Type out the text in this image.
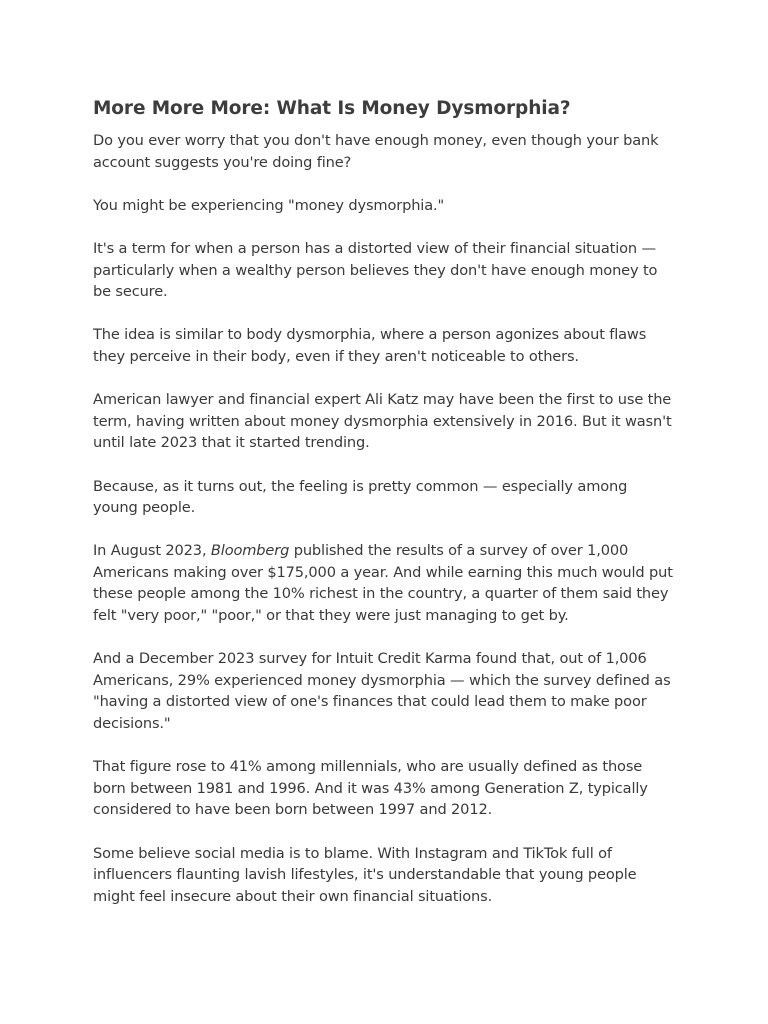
More More More: What Is Money Dysmorphia?

Do you ever worry that you don't have enough money, even though your bank account suggests you're doing fine?

You might be experiencing "money dysmorphia."

It's a term for when a person has a distorted view of their financial situation — particularly when a wealthy person believes they don't have enough money to be secure.

The idea is similar to body dysmorphia, where a person agonizes about flaws they perceive in their body, even if they aren't noticeable to others.

American lawyer and financial expert Ali Katz may have been the first to use the term, having written about money dysmorphia extensively in 2016. But it wasn't until late 2023 that it started trending.

Because, as it turns out, the feeling is pretty common — especially among young people.

In August 2023, Bloomberg published the results of a survey of over 1,000 Americans making over $175,000 a year. And while earning this much would put these people among the 10% richest in the country, a quarter of them said they felt "very poor," "poor," or that they were just managing to get by.

And a December 2023 survey for Intuit Credit Karma found that, out of 1,006 Americans, 29% experienced money dysmorphia — which the survey defined as "having a distorted view of one's finances that could lead them to make poor decisions."

That figure rose to 41% among millennials, who are usually defined as those born between 1981 and 1996. And it was 43% among Generation Z, typically considered to have been born between 1997 and 2012.

Some believe social media is to blame. With Instagram and TikTok full of influencers flaunting lavish lifestyles, it's understandable that young people might feel insecure about their own financial situations.
